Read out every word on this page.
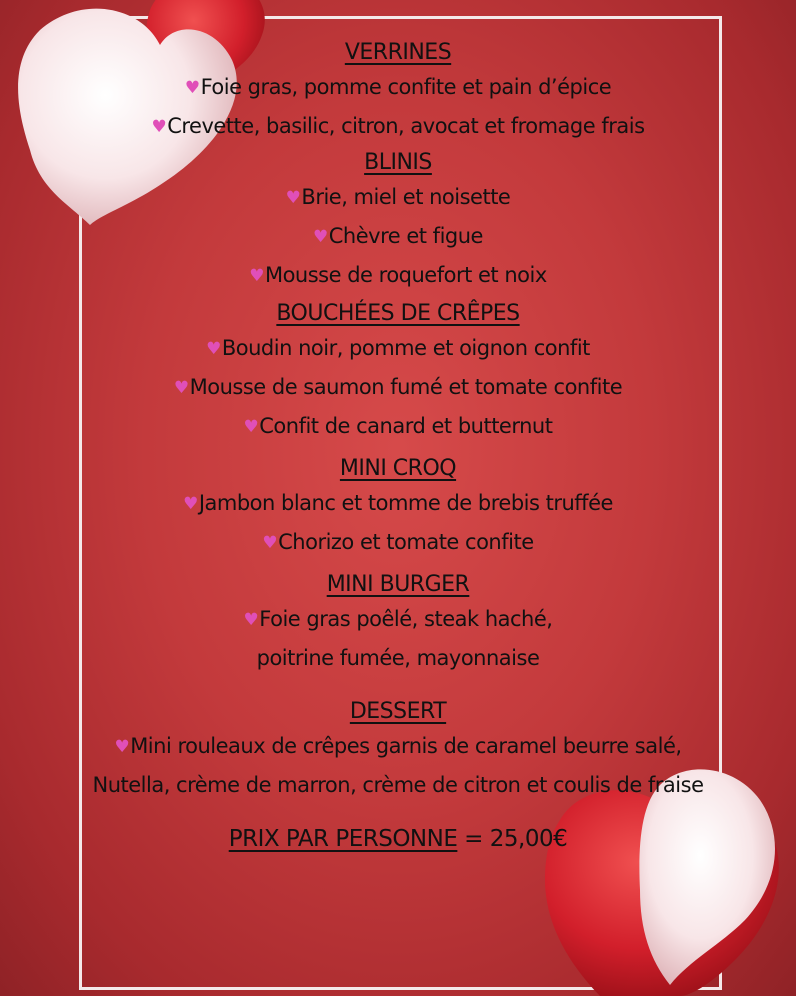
VERRINES
♥Foie gras, pomme confite et pain d’épice
♥Crevette, basilic, citron, avocat et fromage frais
BLINIS
♥Brie, miel et noisette
♥Chèvre et figue
♥Mousse de roquefort et noix
BOUCHÉES DE CRÊPES
♥Boudin noir, pomme et oignon confit
♥Mousse de saumon fumé et tomate confite
♥Confit de canard et butternut
MINI CROQ
♥Jambon blanc et tomme de brebis truffée
♥Chorizo et tomate confite
MINI BURGER
♥Foie gras poêlé, steak haché,
poitrine fumée, mayonnaise
DESSERT
♥Mini rouleaux de crêpes garnis de caramel beurre salé,
Nutella, crème de marron, crème de citron et coulis de fraise
PRIX PAR PERSONNE = 25,00€
